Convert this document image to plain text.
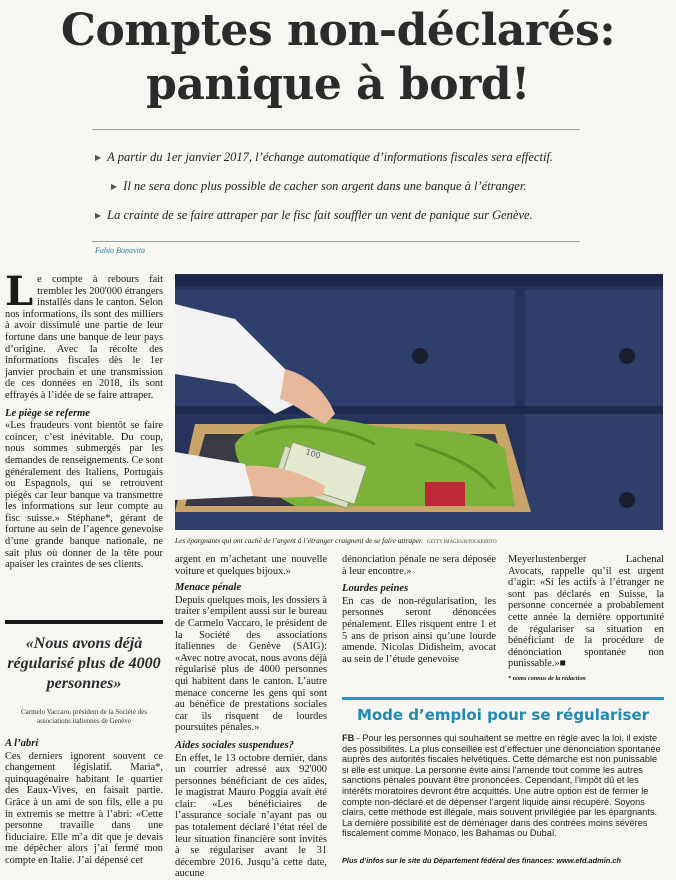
Comptes non-déclarés:
panique à bord!
▶ A partir du 1er janvier 2017, l’échange automatique d’informations fiscales sera effectif.
▶ Il ne sera donc plus possible de cacher son argent dans une banque à l’étranger.
▶ La crainte de se faire attraper par le fisc fait souffler un vent de panique sur Genève.
Fabio Bonavita

Le compte à rebours fait trembler les 200'000 étrangers installés dans le canton. Selon nos informations, ils sont des milliers à avoir dissimulé une partie de leur fortune dans une banque de leur pays d’origine. Avec la récolte des informations fiscales dès le 1er janvier prochain et une transmission de ces données en 2018, ils sont effrayés à l’idée de se faire attraper.

Le piège se referme

«Les fraudeurs vont bientôt se faire coincer, c’est inévitable. Du coup, nous sommes submergés par les demandes de renseignements. Ce sont généralement des Italiens, Portugais ou Espagnols, qui se retrouvent piégés car leur banque va transmettre les informations sur leur compte au fisc suisse.» Stéphane*, gérant de fortune au sein de l’agence genevoise d’une grande banque nationale, ne sait plus où donner de la tête pour apaiser les craintes de ses clients.

«Nous avons déjà régularisé plus de 4000 personnes»
Carmelo Vaccaro, président de la Société des associations italiennes de Genève
A l’abri

Ces derniers ignorent souvent ce changement législatif. Maria*, quinquagénaire habitant le quartier des Eaux-Vives, en faisait partie. Grâce à un ami de son fils, elle a pu in extremis se mettre à l’abri: «Cette personne travaille dans une fiduciaire. Elle m’a dit que je devais me dépêcher alors j’ai fermé mon compte en Italie. J’ai dépensé cet

100
Les épargnants qui ont caché de l’argent à l’étranger craignent de se faire attraper. GETTY IMAGES/ISTOCKPHOTO

argent en m’achetant une nouvelle voiture et quelques bijoux.»

Menace pénale

Depuis quelques mois, les dossiers à traiter s’empilent aussi sur le bureau de Carmelo Vaccaro, le président de la Société des associations italiennes de Genève (SAIG): «Avec notre avocat, nous avons déjà régularisé plus de 4000 personnes qui habitent dans le canton. L’autre menace concerne les gens qui sont au bénéfice de prestations sociales car ils risquent de lourdes poursuites pénales.»

Aides sociales suspendues?

En effet, le 13 octobre dernier, dans un courrier adressé aux 92'000 personnes bénéficiant de ces aides, le magistrat Mauro Poggia avait été clair: «Les bénéficiaires de l’assurance sociale n’ayant pas ou pas totalement déclaré l’état réel de leur situation financière sont invités à se régulariser avant le 31 décembre 2016. Jusqu’à cette date, aucune

dénonciation pénale ne sera déposée à leur encontre.»

Lourdes peines

En cas de non-régularisation, les personnes seront dénoncées pénalement. Elles risquent entre 1 et 5 ans de prison ainsi qu’une lourde amende. Nicolas Didisheim, avocat au sein de l’étude genevoise

Meyerlustenberger Lachenal Avocats, rappelle qu’il est urgent d’agir: «Si les actifs à l’étranger ne sont pas déclarés en Suisse, la personne concernée a probablement cette année la dernière opportunité de régulariser sa situation en bénéficiant de la procédure de dénonciation spontanée non punissable.»■

* noms connus de la rédaction
Mode d’emploi pour se régulariser
FB - Pour les personnes qui souhaitent se mettre en règle avec la loi, il existe des possibilités. La plus conseillée est d’effectuer une dénonciation spontanée auprès des autorités fiscales helvétiques. Cette démarche est non punissable si elle est unique. La personne évite ainsi l’amende tout comme les autres sanctions pénales pouvant être prononcées. Cependant, l’impôt dû et les intérêts moratoires devront être acquittés. Une autre option est de fermer le compte non-déclaré et de dépenser l’argent liquide ainsi récupéré. Soyons clairs, cette méthode est illégale, mais souvent privilégiée par les épargnants. La dernière possibilité est de déménager dans des contrées moins sévères fiscalement comme Monaco, les Bahamas ou Dubaï.
Plus d’infos sur le site du Département fédéral des finances: www.efd.admin.ch
